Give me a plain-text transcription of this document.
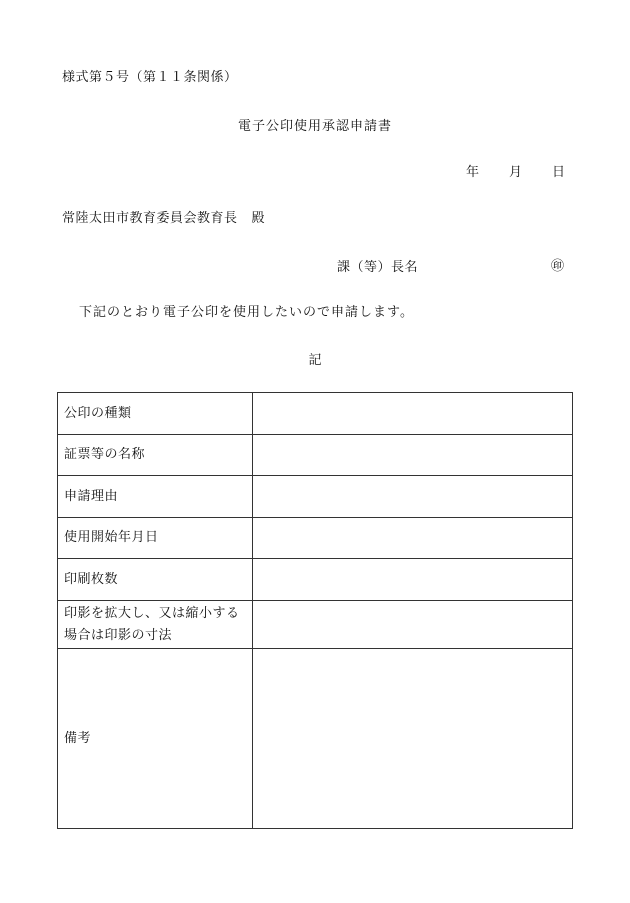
様式第５号（第１１条関係）
電子公印使用承認申請書
年 月 日
常陸太田市教育委員会教育長 殿
課（等）長名	㊞
下記のとおり電子公印を使用したいので申請します。
記
公印の種類	
証票等の名称	
申請理由	
使用開始年月日	
印刷枚数	

印影を拡大し、又は縮小する
場合は印影の寸法	

備考	
